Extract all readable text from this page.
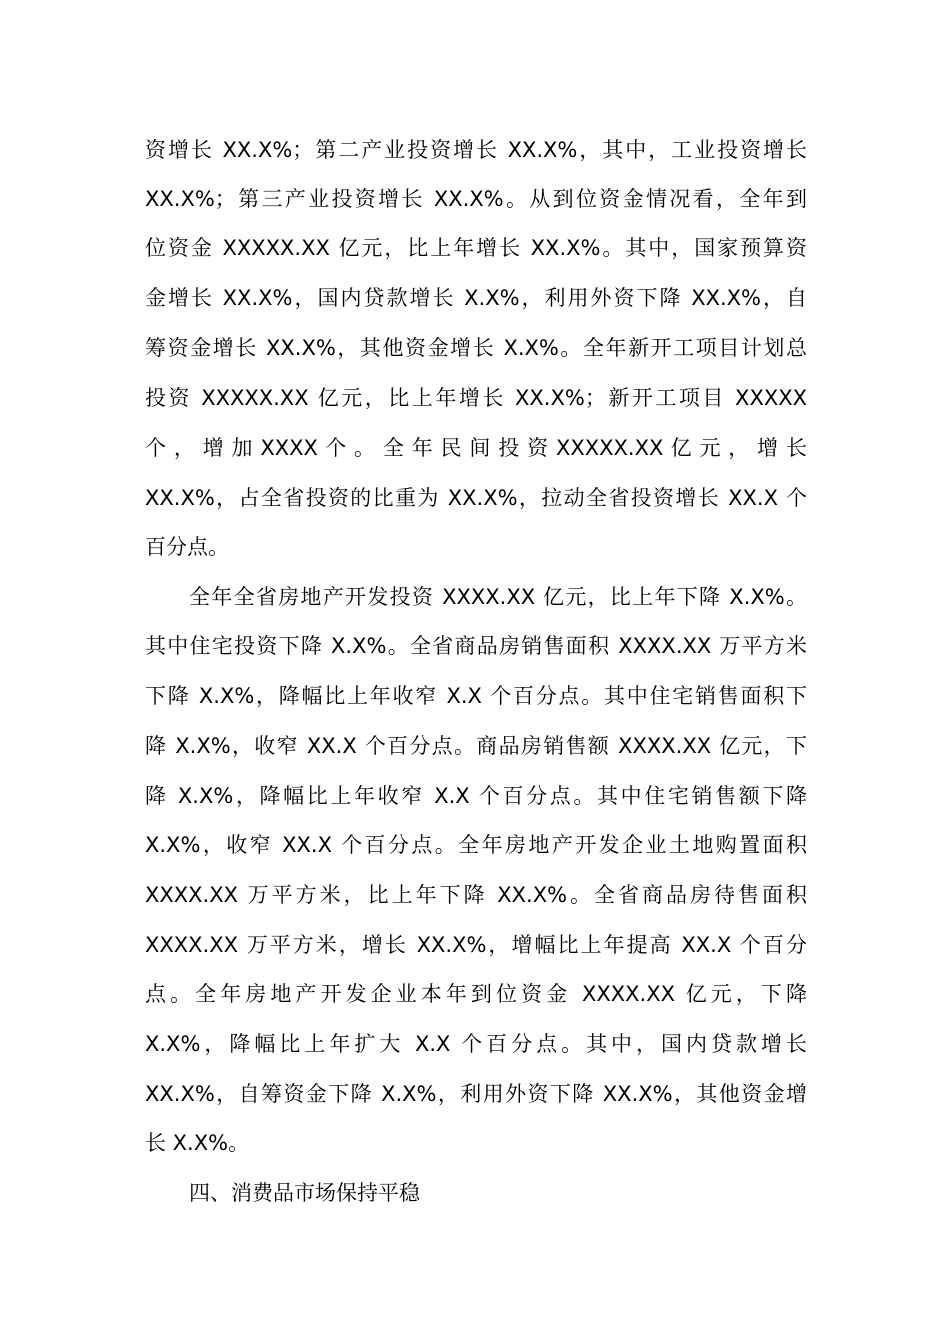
资增长 XX.X%；第二产业投资增长 XX.X%，其中，工业投资增长
XX.X%；第三产业投资增长 XX.X%。从到位资金情况看，全年到
位资金 XXXXX.XX 亿元，比上年增长 XX.X%。其中，国家预算资
金增长 XX.X%，国内贷款增长 X.X%，利用外资下降 XX.X%，自
筹资金增长 XX.X%，其他资金增长 X.X%。全年新开工项目计划总
投资 XXXXX.XX 亿元，比上年增长 XX.X%；新开工项目 XXXXX
个 ， 增 加 XXXX 个 。 全 年 民 间 投 资 XXXXX.XX 亿 元 ， 增 长
XX.X%，占全省投资的比重为 XX.X%，拉动全省投资增长 XX.X 个
百分点。
全年全省房地产开发投资 XXXX.XX 亿元，比上年下降 X.X%。
其中住宅投资下降 X.X%。全省商品房销售面积 XXXX.XX 万平方米
下降 X.X%，降幅比上年收窄 X.X 个百分点。其中住宅销售面积下
降 X.X%，收窄 XX.X 个百分点。商品房销售额 XXXX.XX 亿元，下
降 X.X%，降幅比上年收窄 X.X 个百分点。其中住宅销售额下降
X.X%，收窄 XX.X 个百分点。全年房地产开发企业土地购置面积
XXXX.XX 万平方米，比上年下降 XX.X%。全省商品房待售面积
XXXX.XX 万平方米，增长 XX.X%，增幅比上年提高 XX.X 个百分
点。全年房地产开发企业本年到位资金 XXXX.XX 亿元，下降
X.X%，降幅比上年扩大 X.X 个百分点。其中，国内贷款增长
XX.X%，自筹资金下降 X.X%，利用外资下降 XX.X%，其他资金增
长 X.X%。
四、消费品市场保持平稳
